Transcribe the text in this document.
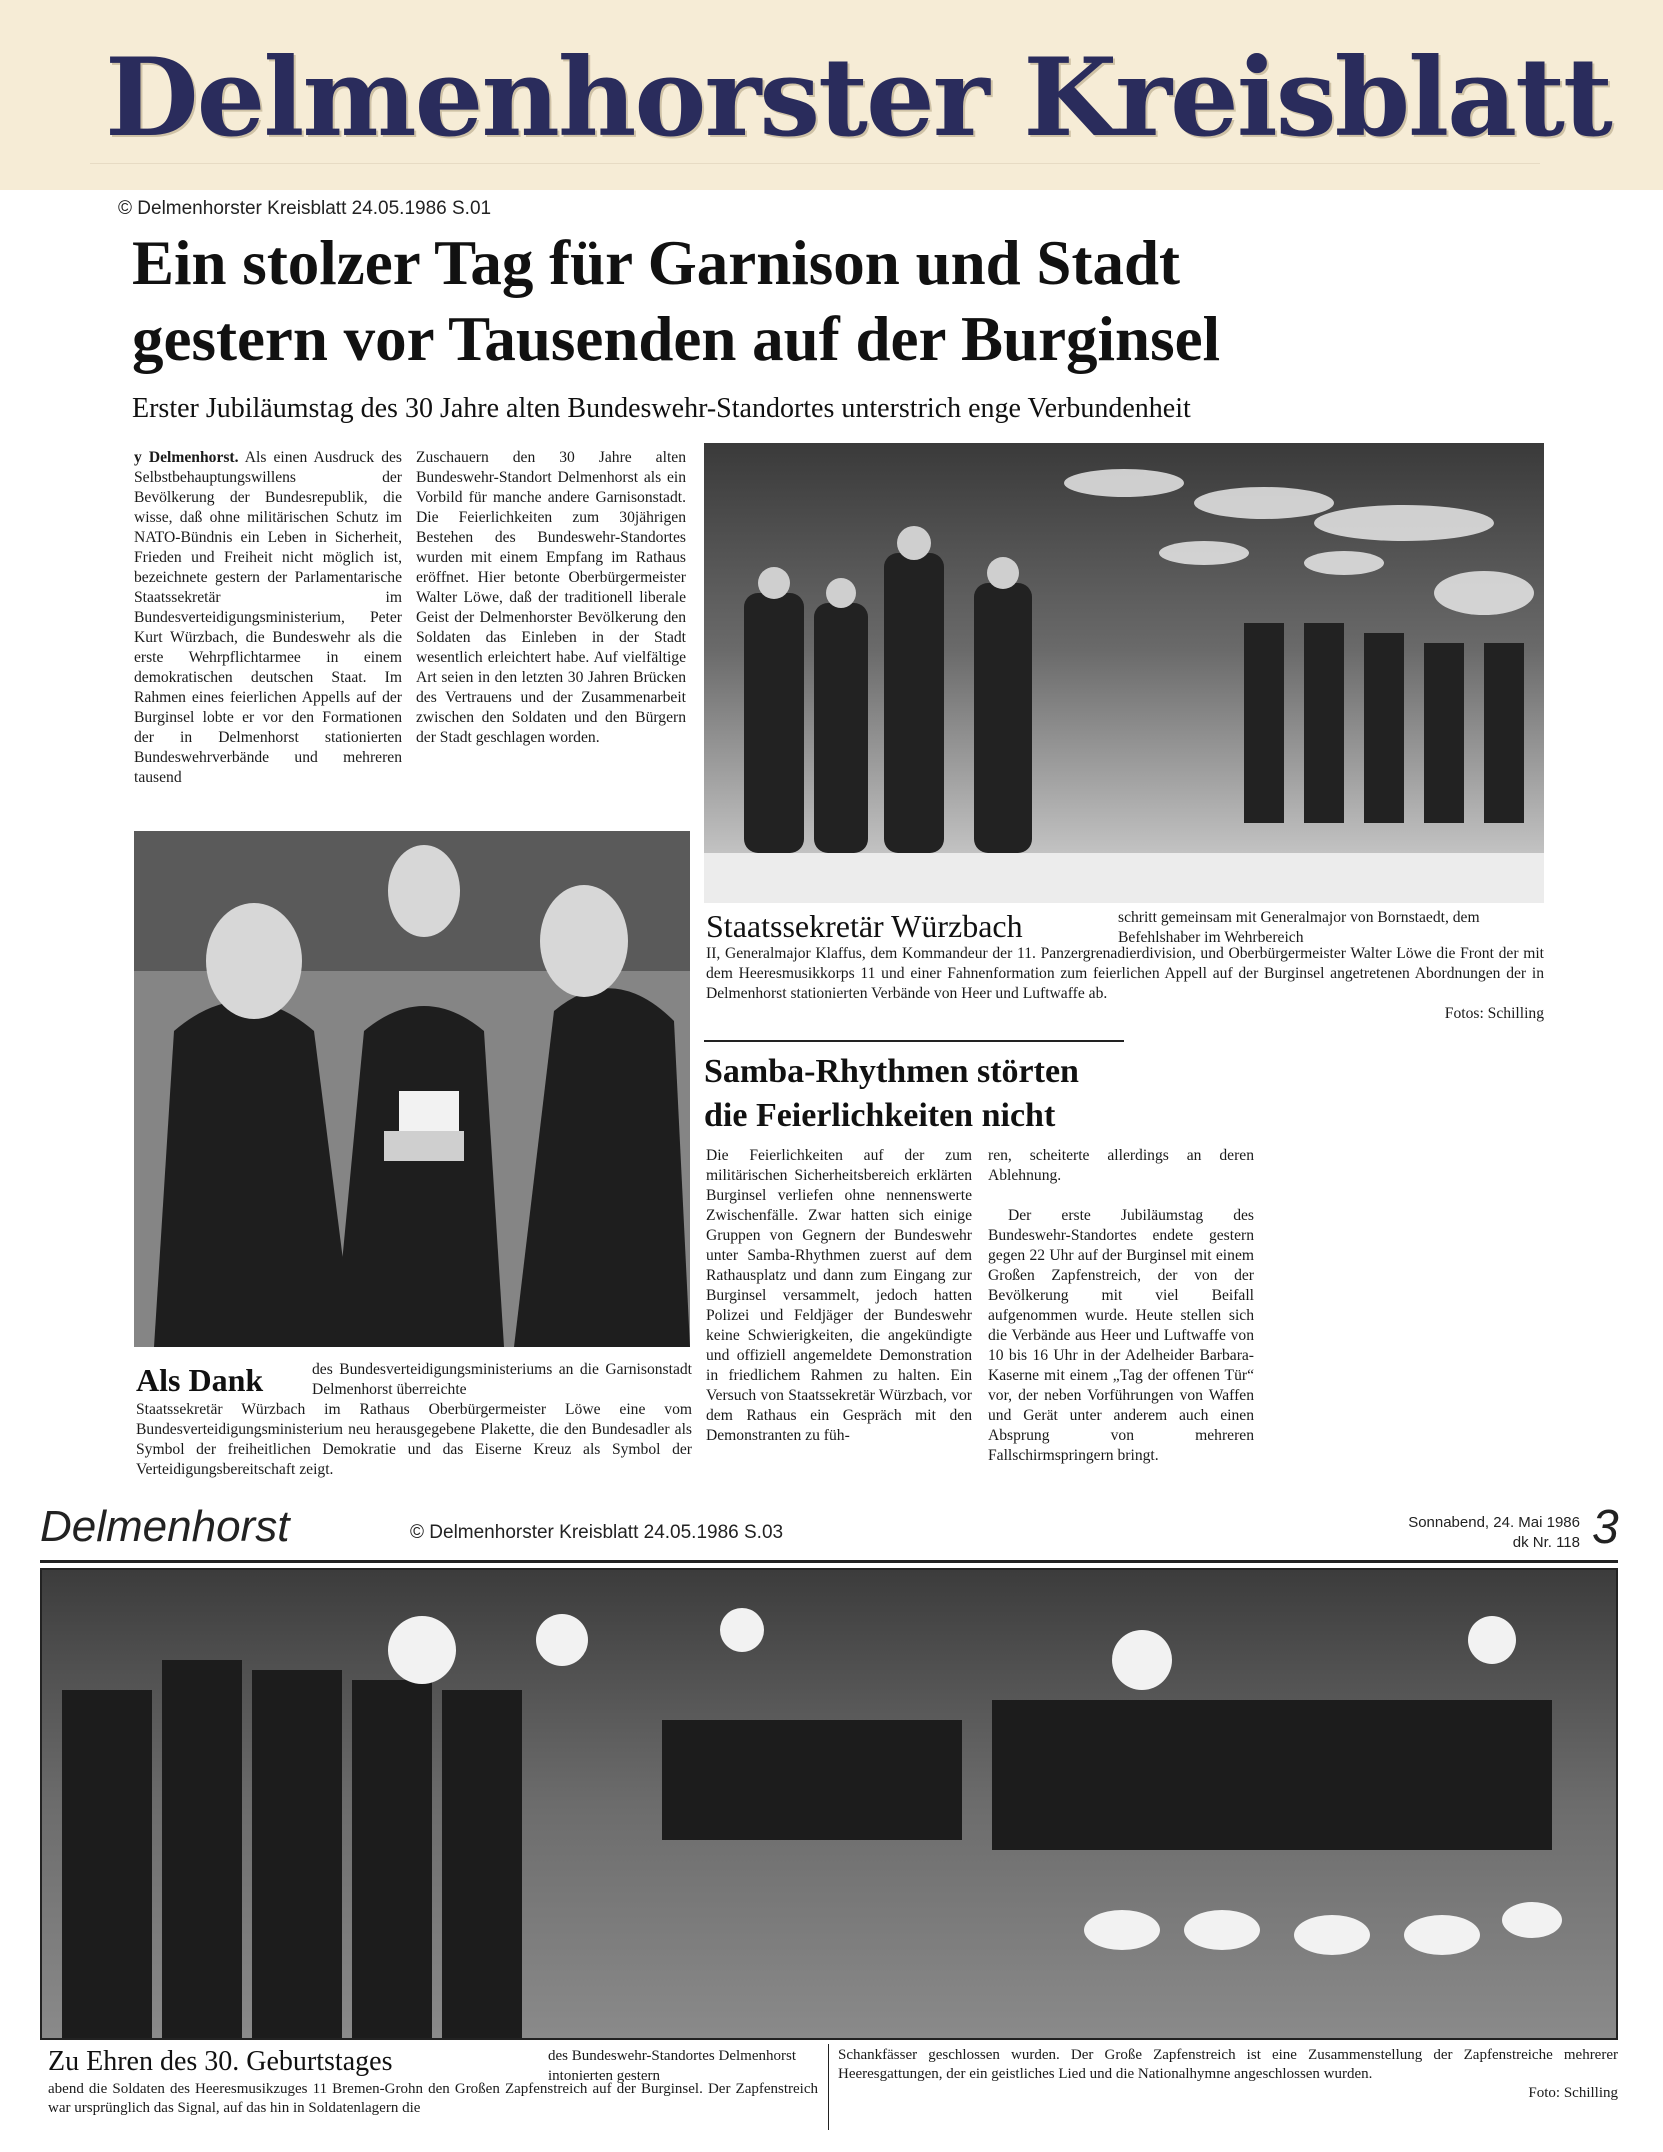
Delmenhorster Kreisblatt
© Delmenhorster Kreisblatt 24.05.1986 S.01
Ein stolzer Tag für Garnison und Stadt
gestern vor Tausenden auf der Burginsel
Erster Jubiläumstag des 30 Jahre alten Bundeswehr-Standortes unterstrich enge Verbundenheit
y Delmenhorst. Als einen Ausdruck des Selbstbehauptungswillens der Bevölkerung der Bundesrepublik, die wisse, daß ohne militärischen Schutz im NATO-Bündnis ein Leben in Sicherheit, Frieden und Freiheit nicht möglich ist, bezeichnete gestern der Parlamentarische Staatssekretär im Bundesverteidigungsministerium, Peter Kurt Würzbach, die Bundeswehr als die erste Wehrpflichtarmee in einem demokratischen deutschen Staat. Im Rahmen eines feierlichen Appells auf der Burginsel lobte er vor den Formationen der in Delmenhorst stationierten Bundeswehrverbände und mehreren tausend
Zuschauern den 30 Jahre alten Bundeswehr-Standort Delmenhorst als ein Vorbild für manche andere Garnisonstadt. Die Feierlichkeiten zum 30jährigen Bestehen des Bundeswehr-Standortes wurden mit einem Empfang im Rathaus eröffnet. Hier betonte Oberbürgermeister Walter Löwe, daß der traditionell liberale Geist der Delmenhorster Bevölkerung den Soldaten das Einleben in der Stadt wesentlich erleichtert habe. Auf vielfältige Art seien in den letzten 30 Jahren Brücken des Vertrauens und der Zusammenarbeit zwischen den Soldaten und den Bürgern der Stadt geschlagen worden.
Staatssekretär Würzbach	schritt gemeinsam mit Generalmajor von Bornstaedt, dem Befehlshaber im Wehrbereich
II, Generalmajor Klaffus, dem Kommandeur der 11. Panzergrenadierdivision, und Oberbürgermeister Walter Löwe die Front der mit dem Heeresmusikkorps 11 und einer Fahnenformation zum feierlichen Appell auf der Burginsel angetretenen Abordnungen der in Delmenhorst stationierten Verbände von Heer und Luftwaffe ab.
Fotos: Schilling
Samba-Rhythmen störten
die Feierlichkeiten nicht
Die Feierlichkeiten auf der zum militärischen Sicherheitsbereich erklärten Burginsel verliefen ohne nennenswerte Zwischenfälle. Zwar hatten sich einige Gruppen von Gegnern der Bundeswehr unter Samba-Rhythmen zuerst auf dem Rathausplatz und dann zum Eingang zur Burginsel versammelt, jedoch hatten Polizei und Feldjäger der Bundeswehr keine Schwierigkeiten, die angekündigte und offiziell angemeldete Demonstration in friedlichem Rahmen zu halten. Ein Versuch von Staatssekretär Würzbach, vor dem Rathaus ein Gespräch mit den Demonstranten zu füh-
ren, scheiterte allerdings an deren Ablehnung.
Der erste Jubiläumstag des Bundeswehr-Standortes endete gestern gegen 22 Uhr auf der Burginsel mit einem Großen Zapfenstreich, der von der Bevölkerung mit viel Beifall aufgenommen wurde. Heute stellen sich die Verbände aus Heer und Luftwaffe von 10 bis 16 Uhr in der Adelheider Barbara-Kaserne mit einem „Tag der offenen Tür“ vor, der neben Vorführungen von Waffen und Gerät unter anderem auch einen Absprung von mehreren Fallschirmspringern bringt.
Als Dank	des Bundesverteidigungsministeriums an die Garnisonstadt Delmenhorst überreichte
Staatssekretär Würzbach im Rathaus Oberbürgermeister Löwe eine vom Bundesverteidigungsministerium neu herausgegebene Plakette, die den Bundesadler als Symbol der freiheitlichen Demokratie und das Eiserne Kreuz als Symbol der Verteidigungsbereitschaft zeigt.
Delmenhorst	© Delmenhorster Kreisblatt 24.05.1986 S.03	Sonnabend, 24. Mai 1986
dk Nr. 118 3
Zu Ehren des 30. Geburtstages	des Bundeswehr-Standortes Delmenhorst intonierten gestern
abend die Soldaten des Heeresmusikzuges 11 Bremen-Grohn den Großen Zapfenstreich auf der Burginsel. Der Zapfenstreich war ursprünglich das Signal, auf das hin in Soldatenlagern die
Schankfässer geschlossen wurden. Der Große Zapfenstreich ist eine Zusammenstellung der Zapfenstreiche mehrerer Heeresgattungen, der ein geistliches Lied und die Nationalhymne angeschlossen wurden.
Foto: Schilling
